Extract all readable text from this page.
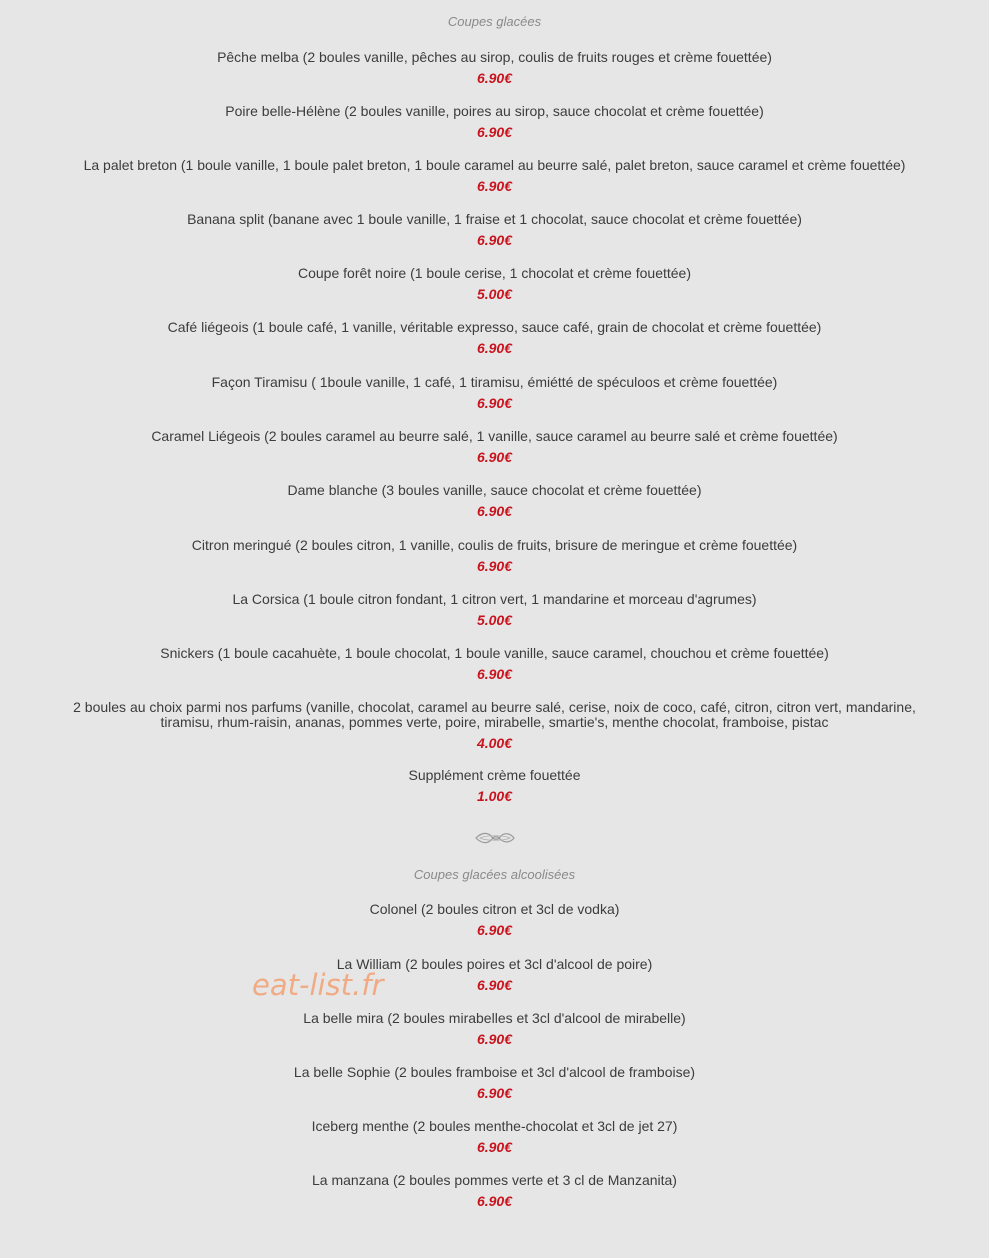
Coupes glacées
Pêche melba (2 boules vanille, pêches au sirop, coulis de fruits rouges et crème fouettée)
6.90€
Poire belle-Hélène (2 boules vanille, poires au sirop, sauce chocolat et crème fouettée)
6.90€
La palet breton (1 boule vanille, 1 boule palet breton, 1 boule caramel au beurre salé, palet breton, sauce caramel et crème fouettée)
6.90€
Banana split (banane avec 1 boule vanille, 1 fraise et 1 chocolat, sauce chocolat et crème fouettée)
6.90€
Coupe forêt noire (1 boule cerise, 1 chocolat et crème fouettée)
5.00€
Café liégeois (1 boule café, 1 vanille, véritable expresso, sauce café, grain de chocolat et crème fouettée)
6.90€
Façon Tiramisu ( 1boule vanille, 1 café, 1 tiramisu, émiétté de spéculoos et crème fouettée)
6.90€
Caramel Liégeois (2 boules caramel au beurre salé, 1 vanille, sauce caramel au beurre salé et crème fouettée)
6.90€
Dame blanche (3 boules vanille, sauce chocolat et crème fouettée)
6.90€
Citron meringué (2 boules citron, 1 vanille, coulis de fruits, brisure de meringue et crème fouettée)
6.90€
La Corsica (1 boule citron fondant, 1 citron vert, 1 mandarine et morceau d'agrumes)
5.00€
Snickers (1 boule cacahuète, 1 boule chocolat, 1 boule vanille, sauce caramel, chouchou et crème fouettée)
6.90€
2 boules au choix parmi nos parfums (vanille, chocolat, caramel au beurre salé, cerise, noix de coco, café, citron, citron vert, mandarine, tiramisu, rhum-raisin, ananas, pommes verte, poire, mirabelle, smartie's, menthe chocolat, framboise, pistac
4.00€
Supplément crème fouettée
1.00€
Coupes glacées alcoolisées
Colonel (2 boules citron et 3cl de vodka)
6.90€
La William (2 boules poires et 3cl d'alcool de poire)
6.90€
La belle mira (2 boules mirabelles et 3cl d'alcool de mirabelle)
6.90€
La belle Sophie (2 boules framboise et 3cl d'alcool de framboise)
6.90€
Iceberg menthe (2 boules menthe-chocolat et 3cl de jet 27)
6.90€
La manzana (2 boules pommes verte et 3 cl de Manzanita)
6.90€
eat-list.fr
